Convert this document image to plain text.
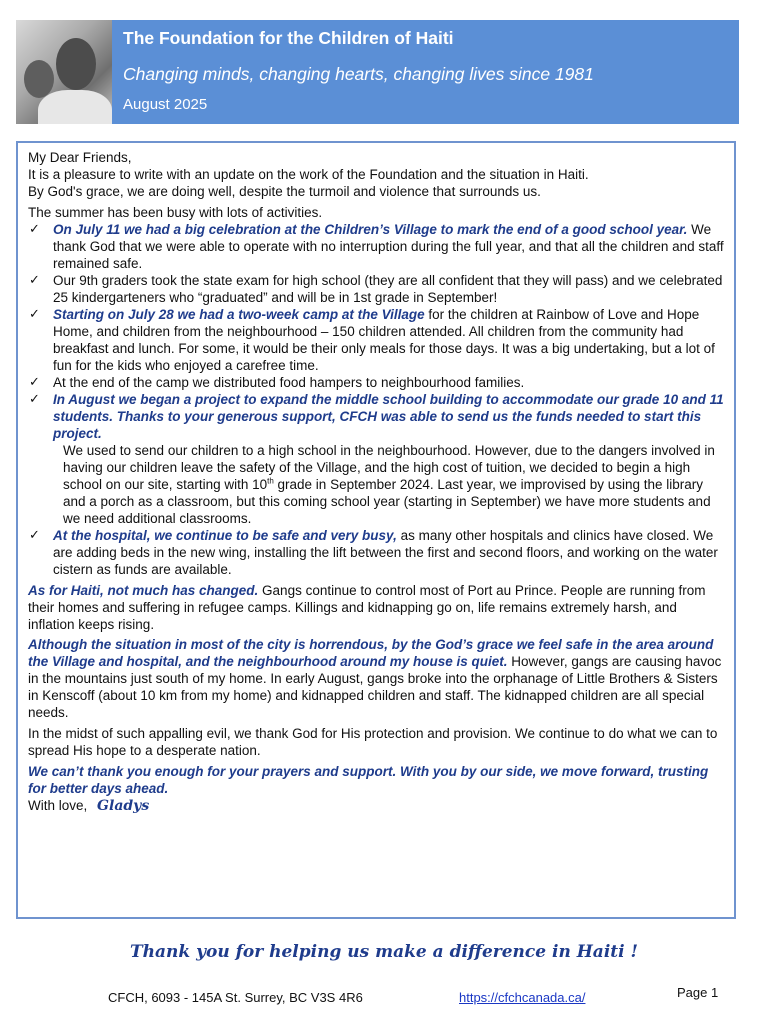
The Foundation for the Children of Haiti
Changing minds, changing hearts, changing lives since 1981
August 2025

My Dear Friends,

It is a pleasure to write with an update on the work of the Foundation and the situation in Haiti.

By God's grace, we are doing well, despite the turmoil and violence that surrounds us.

The summer has been busy with lots of activities.

✓ On July 11 we had a big celebration at the Children’s Village to mark the end of a good school year. We thank God that we were able to operate with no interruption during the full year, and that all the children and staff remained safe.
✓ Our 9th graders took the state exam for high school (they are all confident that they will pass) and we celebrated 25 kindergarteners who “graduated” and will be in 1st grade in September!
✓ Starting on July 28 we had a two-week camp at the Village for the children at Rainbow of Love and Hope Home, and children from the neighbourhood – 150 children attended. All children from the community had breakfast and lunch. For some, it would be their only meals for those days. It was a big undertaking, but a lot of fun for the kids who enjoyed a carefree time.
✓ At the end of the camp we distributed food hampers to neighbourhood families.
✓ In August we began a project to expand the middle school building to accommodate our grade 10 and 11 students. Thanks to your generous support, CFCH was able to send us the funds needed to start this project.

We used to send our children to a high school in the neighbourhood. However, due to the dangers involved in having our children leave the safety of the Village, and the high cost of tuition, we decided to begin a high school on our site, starting with 10th grade in September 2024. Last year, we improvised by using the library and a porch as a classroom, but this coming school year (starting in September) we have more students and we need additional classrooms.

✓ At the hospital, we continue to be safe and very busy, as many other hospitals and clinics have closed. We are adding beds in the new wing, installing the lift between the first and second floors, and working on the water cistern as funds are available.

As for Haiti, not much has changed. Gangs continue to control most of Port au Prince. People are running from their homes and suffering in refugee camps. Killings and kidnapping go on, life remains extremely harsh, and inflation keeps rising.

Although the situation in most of the city is horrendous, by the God’s grace we feel safe in the area around the Village and hospital, and the neighbourhood around my house is quiet. However, gangs are causing havoc in the mountains just south of my home. In early August, gangs broke into the orphanage of Little Brothers & Sisters in Kenscoff (about 10 km from my home) and kidnapped children and staff. The kidnapped children are all special needs.

In the midst of such appalling evil, we thank God for His protection and provision. We continue to do what we can to spread His hope to a desperate nation.

We can’t thank you enough for your prayers and support. With you by our side, we move forward, trusting for better days ahead.

With love, Gladys

Thank you for helping us make a difference in Haiti !
CFCH, 6093 - 145A St. Surrey, BC V3S 4R6	https://cfchcanada.ca/	Page 1
